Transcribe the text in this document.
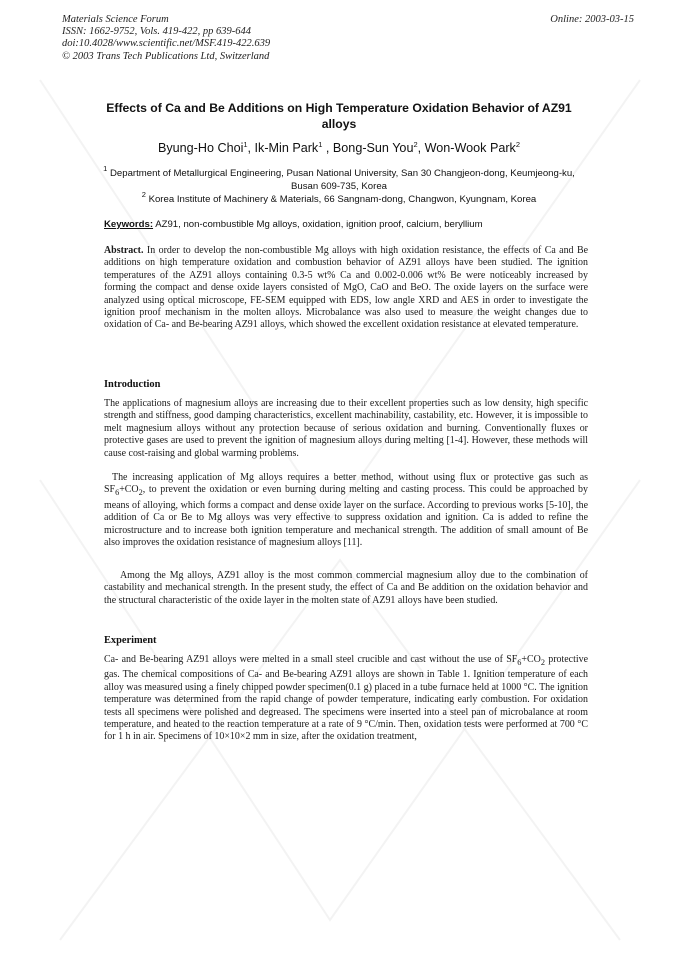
Materials Science Forum
ISSN: 1662-9752, Vols. 419-422, pp 639-644
doi:10.4028/www.scientific.net/MSF.419-422.639
© 2003 Trans Tech Publications Ltd, Switzerland
Online: 2003-03-15
Effects of Ca and Be Additions on High Temperature Oxidation Behavior of AZ91 alloys
Byung-Ho Choi$^1$, Ik-Min Park$^1$ , Bong-Sun You$^2$, Won-Wook Park$^2$
$^1$ Department of Metallurgical Engineering, Pusan National University, San 30 Changjeon-dong, Keumjeong-ku, Busan 609-735, Korea
$^2$ Korea Institute of Machinery & Materials, 66 Sangnam-dong, Changwon, Kyungnam, Korea
Keywords: AZ91, non-combustible Mg alloys, oxidation, ignition proof, calcium, beryllium
Abstract. In order to develop the non-combustible Mg alloys with high oxidation resistance, the effects of Ca and Be additions on high temperature oxidation and combustion behavior of AZ91 alloys have been studied. The ignition temperatures of the AZ91 alloys containing 0.3-5 wt% Ca and 0.002-0.006 wt% Be were noticeably increased by forming the compact and dense oxide layers consisted of MgO, CaO and BeO. The oxide layers on the surface were analyzed using optical microscope, FE-SEM equipped with EDS, low angle XRD and AES in order to investigate the ignition proof mechanism in the molten alloys. Microbalance was also used to measure the weight changes due to oxidation of Ca- and Be-bearing AZ91 alloys, which showed the excellent oxidation resistance at elevated temperature.
Introduction
The applications of magnesium alloys are increasing due to their excellent properties such as low density, high specific strength and stiffness, good damping characteristics, excellent machinability, castability, etc. However, it is impossible to melt magnesium alloys without any protection because of serious oxidation and burning. Conventionally fluxes or protective gases are used to prevent the ignition of magnesium alloys during melting [1-4]. However, these methods will cause cost-raising and global warming problems.
The increasing application of Mg alloys requires a better method, without using flux or protective gas such as $SF_6+CO_2$, to prevent the oxidation or even burning during melting and casting process. This could be approached by means of alloying, which forms a compact and dense oxide layer on the surface. According to previous works [5-10], the addition of Ca or Be to Mg alloys was very effective to suppress oxidation and ignition. Ca is added to refine the microstructure and to increase both ignition temperature and mechanical strength. The addition of small amount of Be also improves the oxidation resistance of magnesium alloys [11].
Among the Mg alloys, AZ91 alloy is the most common commercial magnesium alloy due to the combination of castability and mechanical strength. In the present study, the effect of Ca and Be addition on the oxidation behavior and the structural characteristic of the oxide layer in the molten state of AZ91 alloys have been studied.
Experiment
Ca- and Be-bearing AZ91 alloys were melted in a small steel crucible and cast without the use of $SF_6+CO_2$ protective gas. The chemical compositions of Ca- and Be-bearing AZ91 alloys are shown in Table 1. Ignition temperature of each alloy was measured using a finely chipped powder specimen(0.1 g) placed in a tube furnace held at 1000 °C. The ignition temperature was determined from the rapid change of powder temperature, indicating early combustion. For oxidation tests all specimens were polished and degreased. The specimens were inserted into a steel pan of microbalance at room temperature, and heated to the reaction temperature at a rate of 9 °C/min. Then, oxidation tests were performed at 700 °C for 1 h in air. Specimens of 10×10×2 mm in size, after the oxidation treatment,
